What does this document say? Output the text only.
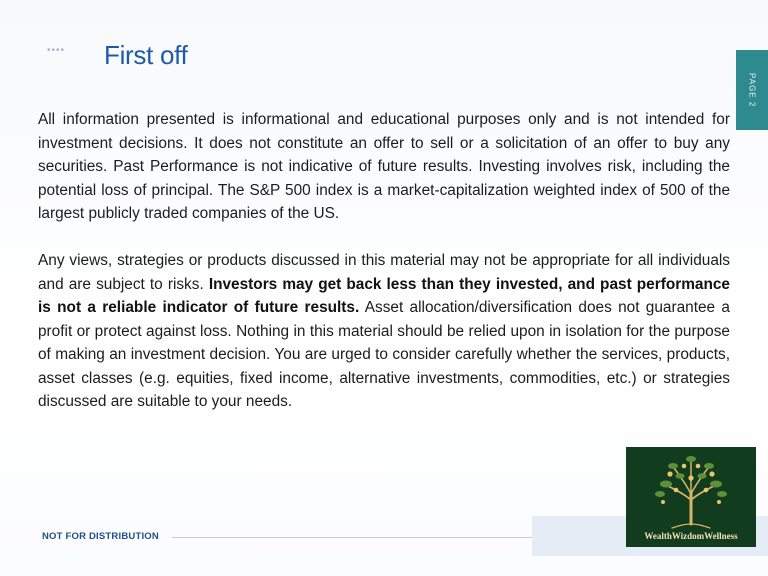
•••• First off
PAGE 2

All information presented is informational and educational purposes only and is not intended for investment decisions. It does not constitute an offer to sell or a solicitation of an offer to buy any securities. Past Performance is not indicative of future results. Investing involves risk, including the potential loss of principal. The S&P 500 index is a market-capitalization weighted index of 500 of the largest publicly traded companies of the US.

Any views, strategies or products discussed in this material may not be appropriate for all individuals and are subject to risks. Investors may get back less than they invested, and past performance is not a reliable indicator of future results. Asset allocation/diversification does not guarantee a profit or protect against loss. Nothing in this material should be relied upon in isolation for the purpose of making an investment decision. You are urged to consider carefully whether the services, products, asset classes (e.g. equities, fixed income, alternative investments, commodities, etc.) or strategies discussed are suitable to your needs.

NOT FOR DISTRIBUTION	WealthWizdomWellness
